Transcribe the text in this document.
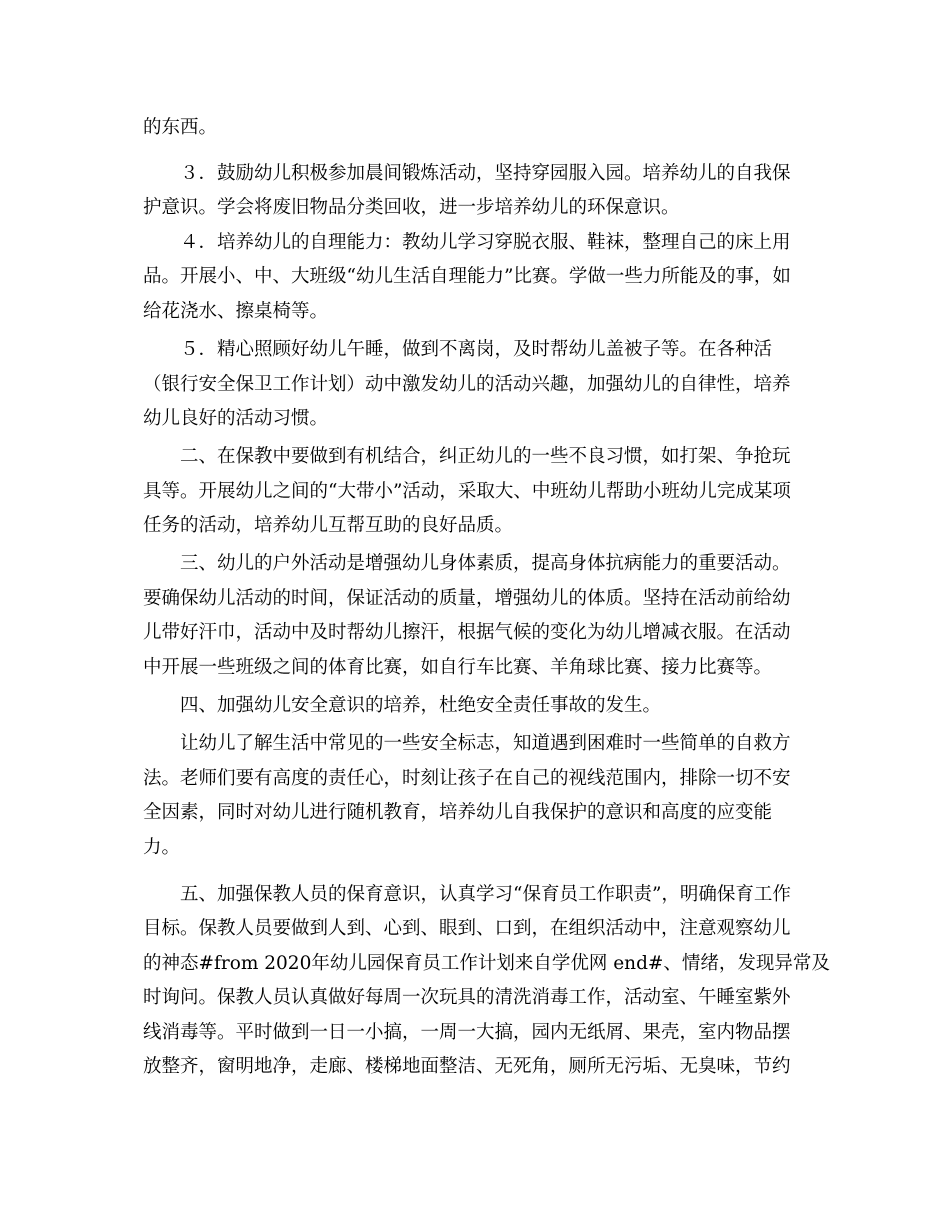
的东西。
３．鼓励幼儿积极参加晨间锻炼活动，坚持穿园服入园。培养幼儿的自我保
护意识。学会将废旧物品分类回收，进一步培养幼儿的环保意识。
４．培养幼儿的自理能力：教幼儿学习穿脱衣服、鞋袜，整理自己的床上用
品。开展小、中、大班级“幼儿生活自理能力”比赛。学做一些力所能及的事，如
给花浇水、擦桌椅等。
５．精心照顾好幼儿午睡，做到不离岗，及时帮幼儿盖被子等。在各种活
（银行安全保卫工作计划）动中激发幼儿的活动兴趣，加强幼儿的自律性，培养
幼儿良好的活动习惯。
二、在保教中要做到有机结合，纠正幼儿的一些不良习惯，如打架、争抢玩
具等。开展幼儿之间的“大带小”活动，采取大、中班幼儿帮助小班幼儿完成某项
任务的活动，培养幼儿互帮互助的良好品质。
三、幼儿的户外活动是增强幼儿身体素质，提高身体抗病能力的重要活动。
要确保幼儿活动的时间，保证活动的质量，增强幼儿的体质。坚持在活动前给幼
儿带好汗巾，活动中及时帮幼儿擦汗，根据气候的变化为幼儿增减衣服。在活动
中开展一些班级之间的体育比赛，如自行车比赛、羊角球比赛、接力比赛等。
四、加强幼儿安全意识的培养，杜绝安全责任事故的发生。
让幼儿了解生活中常见的一些安全标志，知道遇到困难时一些简单的自救方
法。老师们要有高度的责任心，时刻让孩子在自己的视线范围内，排除一切不安
全因素，同时对幼儿进行随机教育，培养幼儿自我保护的意识和高度的应变能
力。
五、加强保教人员的保育意识，认真学习“保育员工作职责”，明确保育工作
目标。保教人员要做到人到、心到、眼到、口到，在组织活动中，注意观察幼儿
的神态#from 2020年幼儿园保育员工作计划来自学优网 end#、情绪，发现异常及
时询问。保教人员认真做好每周一次玩具的清洗消毒工作，活动室、午睡室紫外
线消毒等。平时做到一日一小搞，一周一大搞，园内无纸屑、果壳，室内物品摆
放整齐，窗明地净，走廊、楼梯地面整洁、无死角，厕所无污垢、无臭味，节约
